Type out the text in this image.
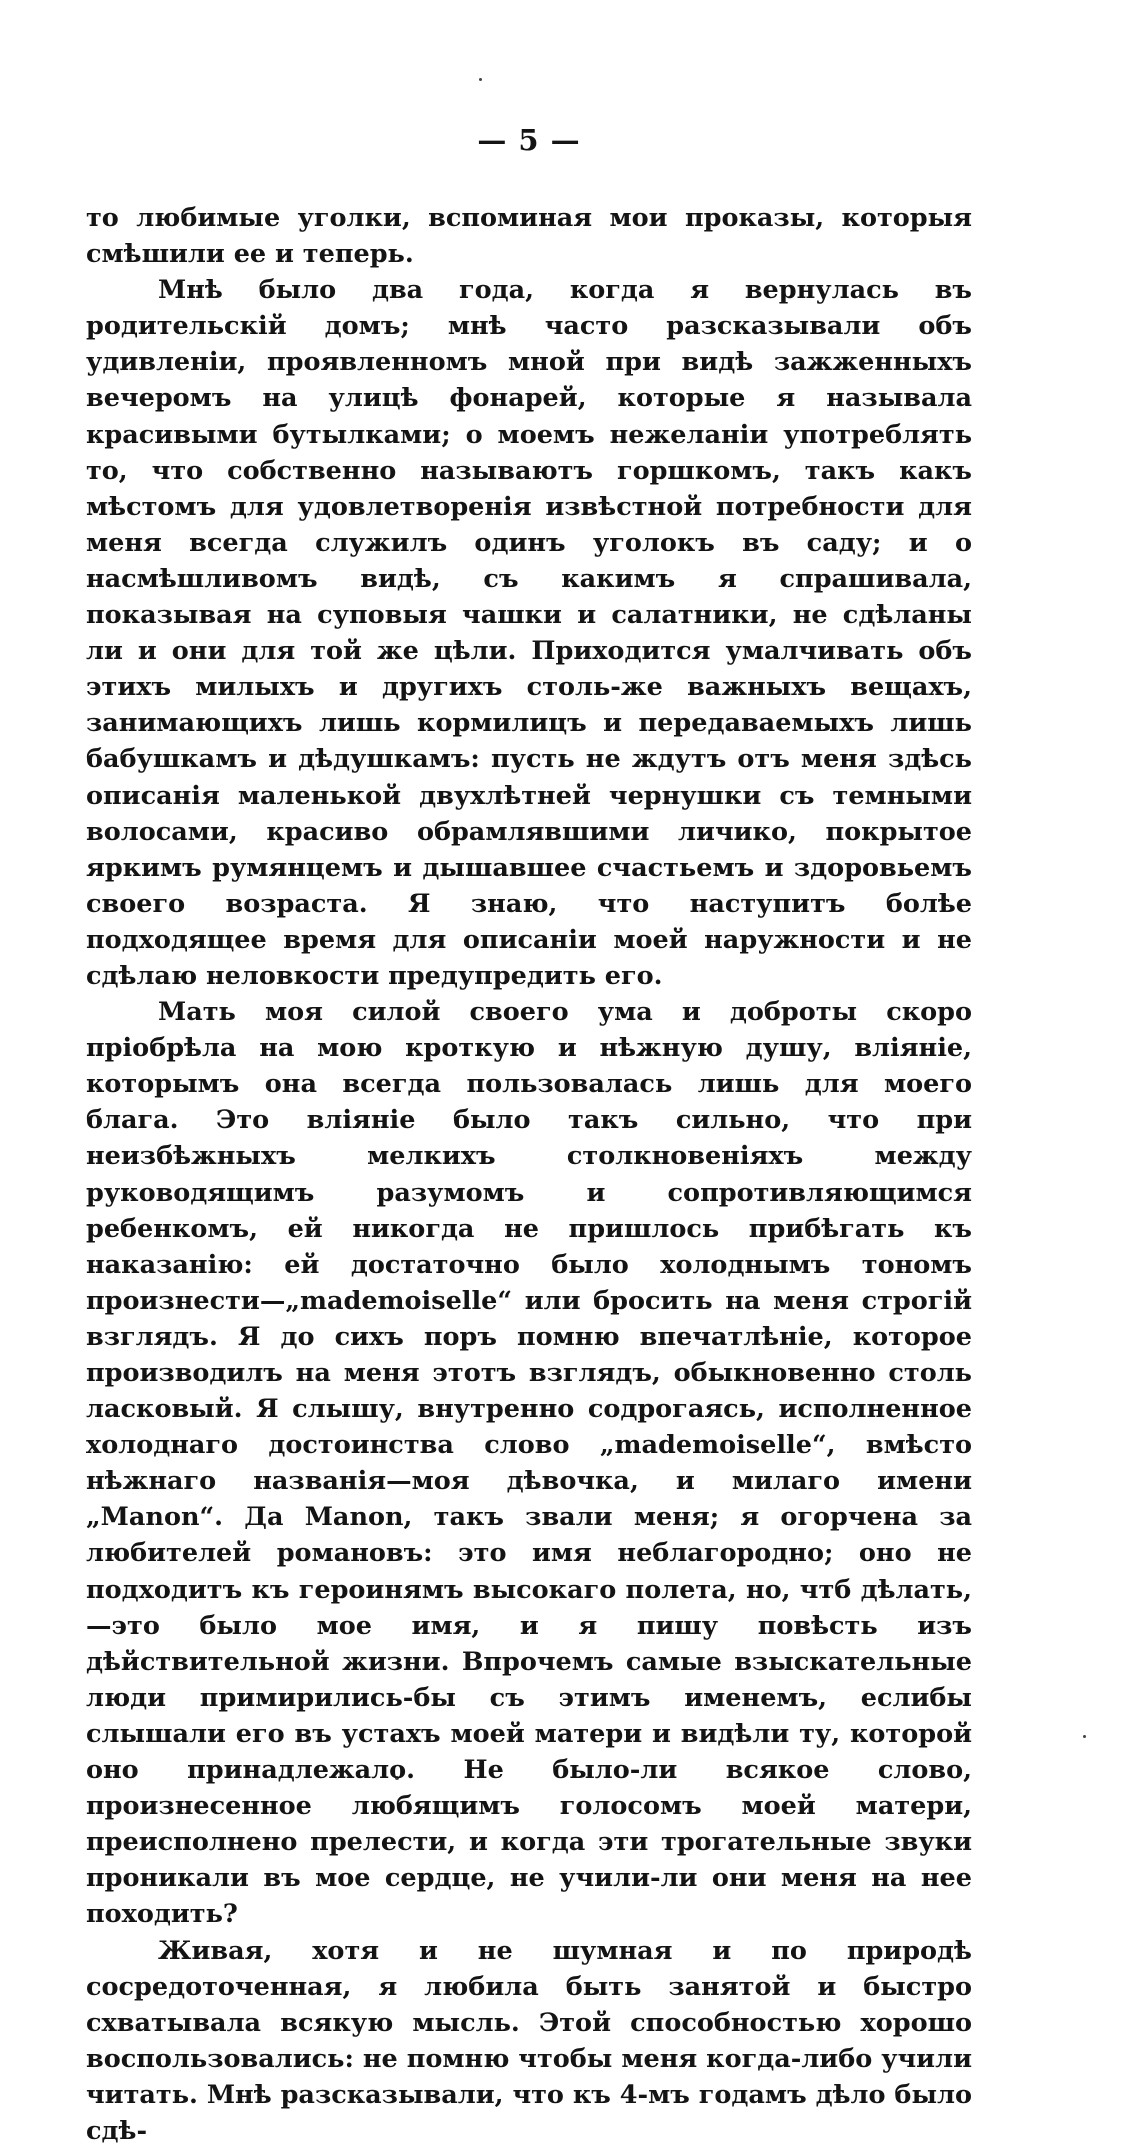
— 5 —

то любимые уголки, вспоминая мои проказы, которыя смѣшили ее и теперь.

Мнѣ было два года, когда я вернулась въ родительскій домъ; мнѣ часто разсказывали объ удивленіи, проявленномъ мной при видѣ зажженныхъ вечеромъ на улицѣ фонарей, которые я называла красивыми бутылками; о моемъ нежеланіи употреблять то, что собственно называютъ горшкомъ, такъ какъ мѣстомъ для удовлетворенія извѣстной потребности для меня всегда служилъ одинъ уголокъ въ саду; и о насмѣшливомъ видѣ, съ какимъ я спрашивала, показывая на суповыя чашки и салатники, не сдѣланы ли и они для той же цѣли. Приходится умалчивать объ этихъ милыхъ и другихъ столь-же важныхъ вещахъ, занимающихъ лишь кормилицъ и передаваемыхъ лишь бабушкамъ и дѣдушкамъ: пусть не ждутъ отъ меня здѣсь описанія маленькой двухлѣтней чернушки съ темными волосами, красиво обрамлявшими личико, покрытое яркимъ румянцемъ и дышавшее счастьемъ и здоровьемъ своего возраста. Я знаю, что наступитъ болѣе подходящее время для описаніи моей наружности и не сдѣлаю неловкости предупредить его.

Мать моя силой своего ума и доброты скоро пріобрѣла на мою кроткую и нѣжную душу, вліяніе, которымъ она всегда пользовалась лишь для моего блага. Это вліяніе было такъ сильно, что при неизбѣжныхъ мелкихъ столкновеніяхъ между руководящимъ разумомъ и сопротивляющимся ребенкомъ, ей никогда не пришлось прибѣгать къ наказанію: ей достаточно было холоднымъ тономъ произнести—„mademoiselle“ или бросить на меня строгій взглядъ. Я до сихъ поръ помню впечатлѣніе, которое производилъ на меня этотъ взглядъ, обыкновенно столь ласковый. Я слышу, внутренно содрогаясь, исполненное холоднаго достоинства слово „mademoiselle“, вмѣсто нѣжнаго названія—моя дѣвочка, и милаго имени „Manon“. Да Manon, такъ звали меня; я огорчена за любителей романовъ: это имя неблагородно; оно не подходитъ къ героинямъ высокаго полета, но, чтб дѣлать,—это было мое имя, и я пишу повѣсть изъ дѣйствительной жизни. Впрочемъ самые взыскательные люди примирились-бы съ этимъ именемъ, еслибы слышали его въ устахъ моей матери и видѣли ту, которой оно принадлежало. Не было-ли всякое слово, произнесенное любящимъ голосомъ моей матери, преисполнено прелести, и когда эти трогательные звуки проникали въ мое сердце, не учили-ли они меня на нее походить?

Живая, хотя и не шумная и по природѣ сосредоточенная, я любила быть занятой и быстро схватывала всякую мысль. Этой способностью хорошо воспользовались: не помню чтобы меня когда-либо учили читать. Мнѣ разсказывали, что къ 4-мъ годамъ дѣло было сдѣ-
